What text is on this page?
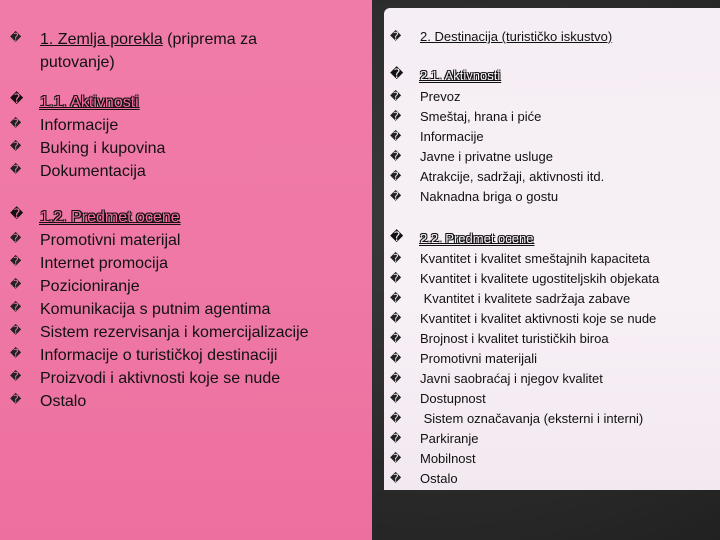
� 1. Zemlja porekla (priprema za
putovanje)
� 1.1. Aktivnosti
� Informacije
� Buking i kupovina
� Dokumentacija
� 1.2. Predmet ocene
� Promotivni materijal
� Internet promocija
� Pozicioniranje
� Komunikacija s putnim agentima
� Sistem rezervisanja i komercijalizacije
� Informacije o turističkoj destinaciji
� Proizvodi i aktivnosti koje se nude
� Ostalo
� 2. Destinacija (turističko iskustvo)
� 2.1. Aktivnosti
� Prevoz
� Smeštaj, hrana i piće
� Informacije
� Javne i privatne usluge
� Atrakcije, sadržaji, aktivnosti itd.
� Naknadna briga o gostu
� 2.2. Predmet ocene
� Kvantitet i kvalitet smeštajnih kapaciteta
� Kvantitet i kvalitete ugostiteljskih objekata
� Kvantitet i kvalitete sadržaja zabave
� Kvantitet i kvalitet aktivnosti koje se nude
� Brojnost i kvalitet turističkih biroa
� Promotivni materijali
� Javni saobraćaj i njegov kvalitet
� Dostupnost
� Sistem označavanja (eksterni i interni)
� Parkiranje
� Mobilnost
� Ostalo
